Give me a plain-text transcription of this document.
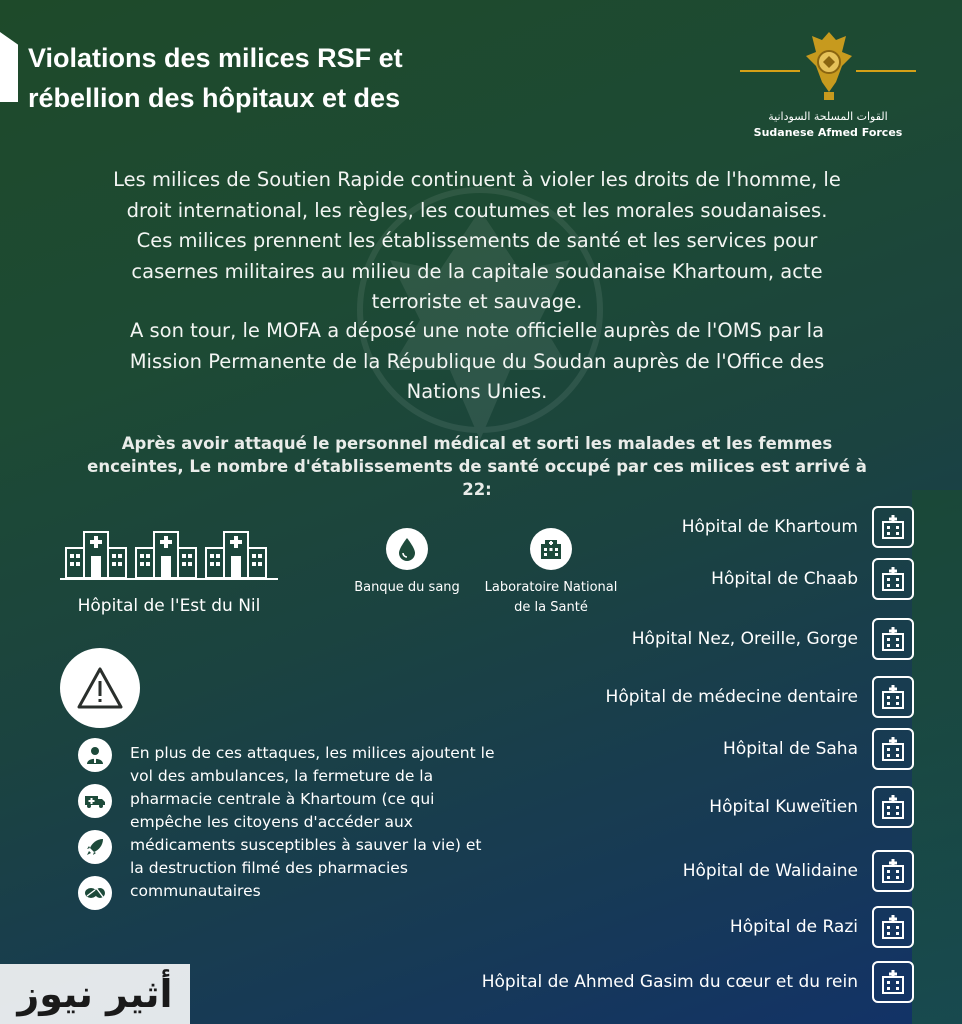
Violations des milices RSF et
rébellion des hôpitaux et des
القوات المسلحة السودانية
Sudanese Afmed Forces
Les milices de Soutien Rapide continuent à violer les droits de l'homme, le
droit international, les règles, les coutumes et les morales soudanaises.
Ces milices prennent les établissements de santé et les services pour
casernes militaires au milieu de la capitale soudanaise Khartoum, acte
terroriste et sauvage.
A son tour, le MOFA a déposé une note officielle auprès de l'OMS par la
Mission Permanente de la République du Soudan auprès de l'Office des
Nations Unies.
Après avoir attaqué le personnel médical et sorti les malades et les femmes
enceintes, Le nombre d'établissements de santé occupé par ces milices est arrivé à
22:
Hôpital de l'Est du Nil
Banque du sang	Laboratoire National
de la Santé
En plus de ces attaques, les milices ajoutent le
vol des ambulances, la fermeture de la
pharmacie centrale à Khartoum (ce qui
empêche les citoyens d'accéder aux
médicaments susceptibles à sauver la vie) et
la destruction filmé des pharmacies
communautaires
Hôpital de Khartoum
Hôpital de Chaab
Hôpital Nez, Oreille, Gorge
Hôpital de médecine dentaire
Hôpital de Saha
Hôpital Kuweïtien
Hôpital de Walidaine
Hôpital de Razi
Hôpital de Ahmed Gasim du cœur et du rein
أثير نيوز
